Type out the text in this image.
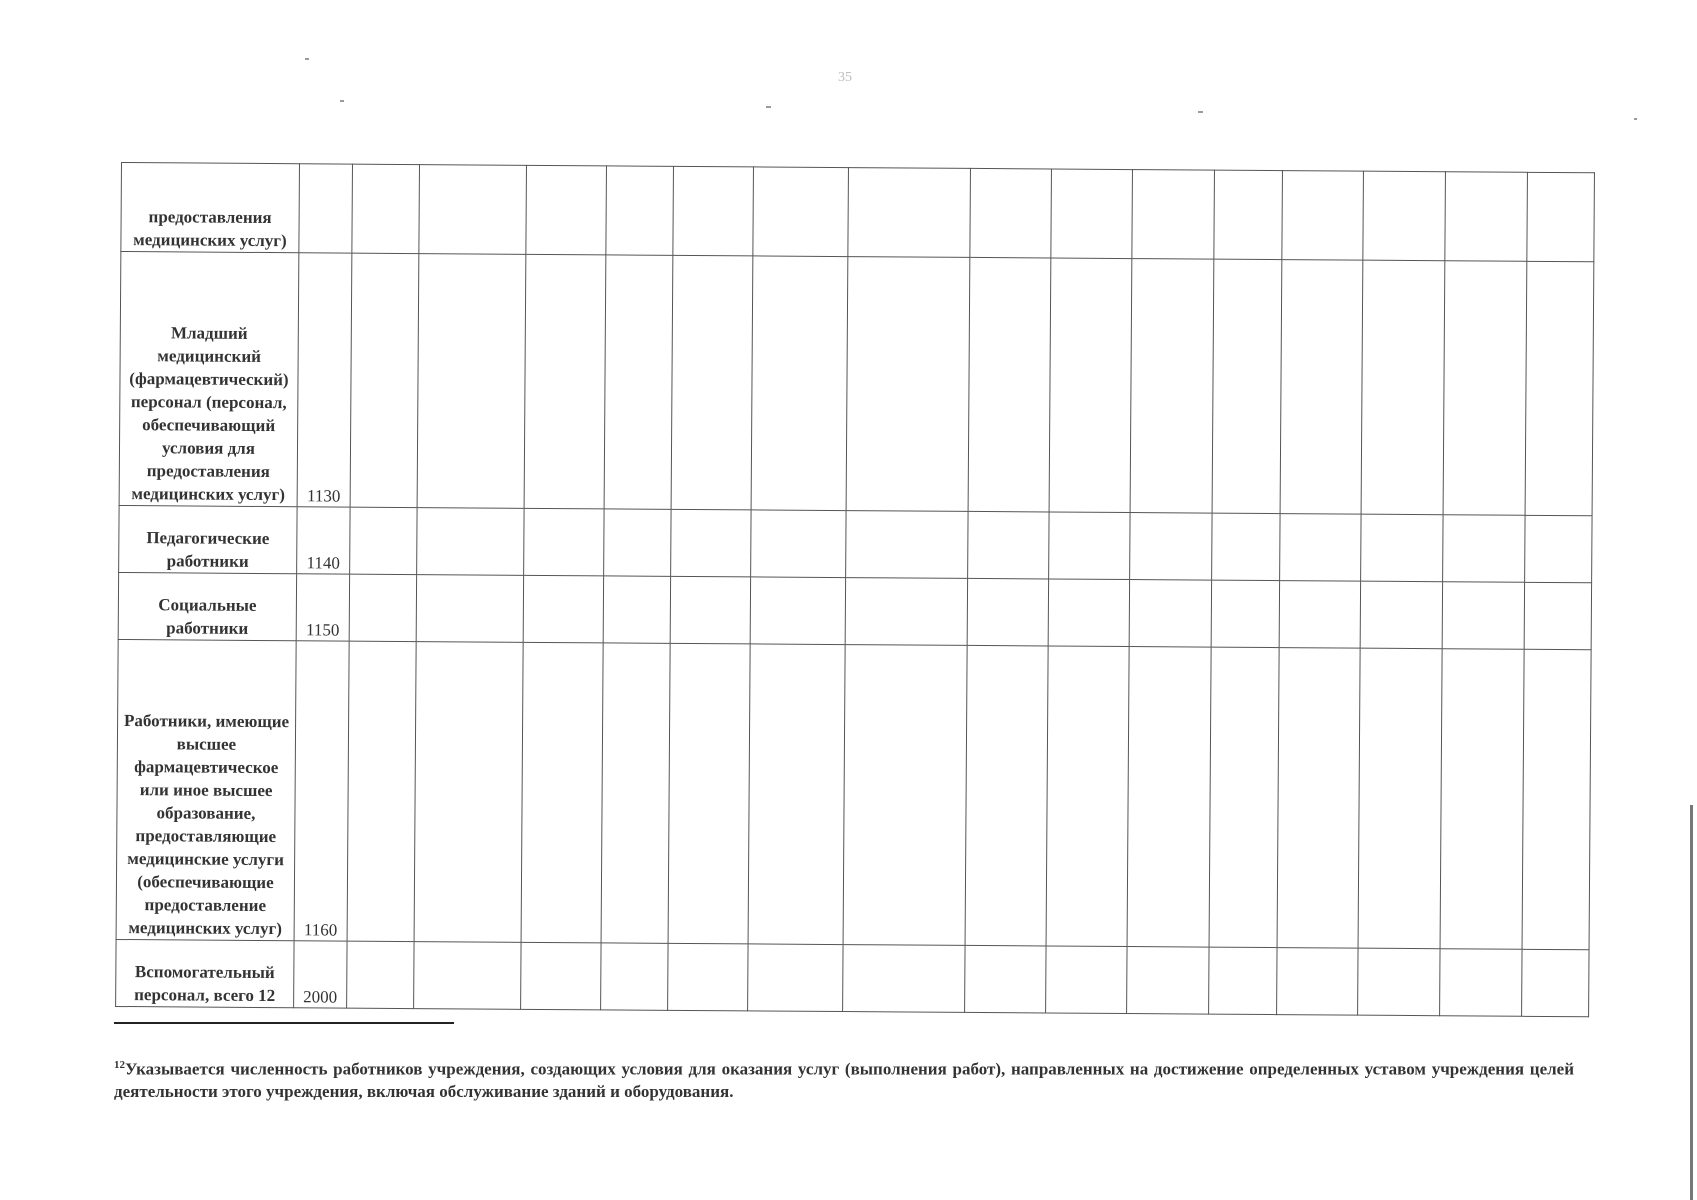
35
предоставления медицинских услуг)																
Младший медицинский (фармацевтический) персонал (персонал, обеспечивающий условия для предоставления медицинских услуг)	1130															
Педагогические работники	1140															
Социальные работники	1150															
Работники, имеющие высшее фармацевтическое или иное высшее образование, предоставляющие медицинские услуги (обеспечивающие предоставление медицинских услуг)	1160															
Вспомогательный персонал, всего 12	2000															
$^{12}$Указывается численность работников учреждения, создающих условия для оказания услуг (выполнения работ), направленных на достижение определенных уставом учреждения целей деятельности этого учреждения, включая обслуживание зданий и оборудования.
